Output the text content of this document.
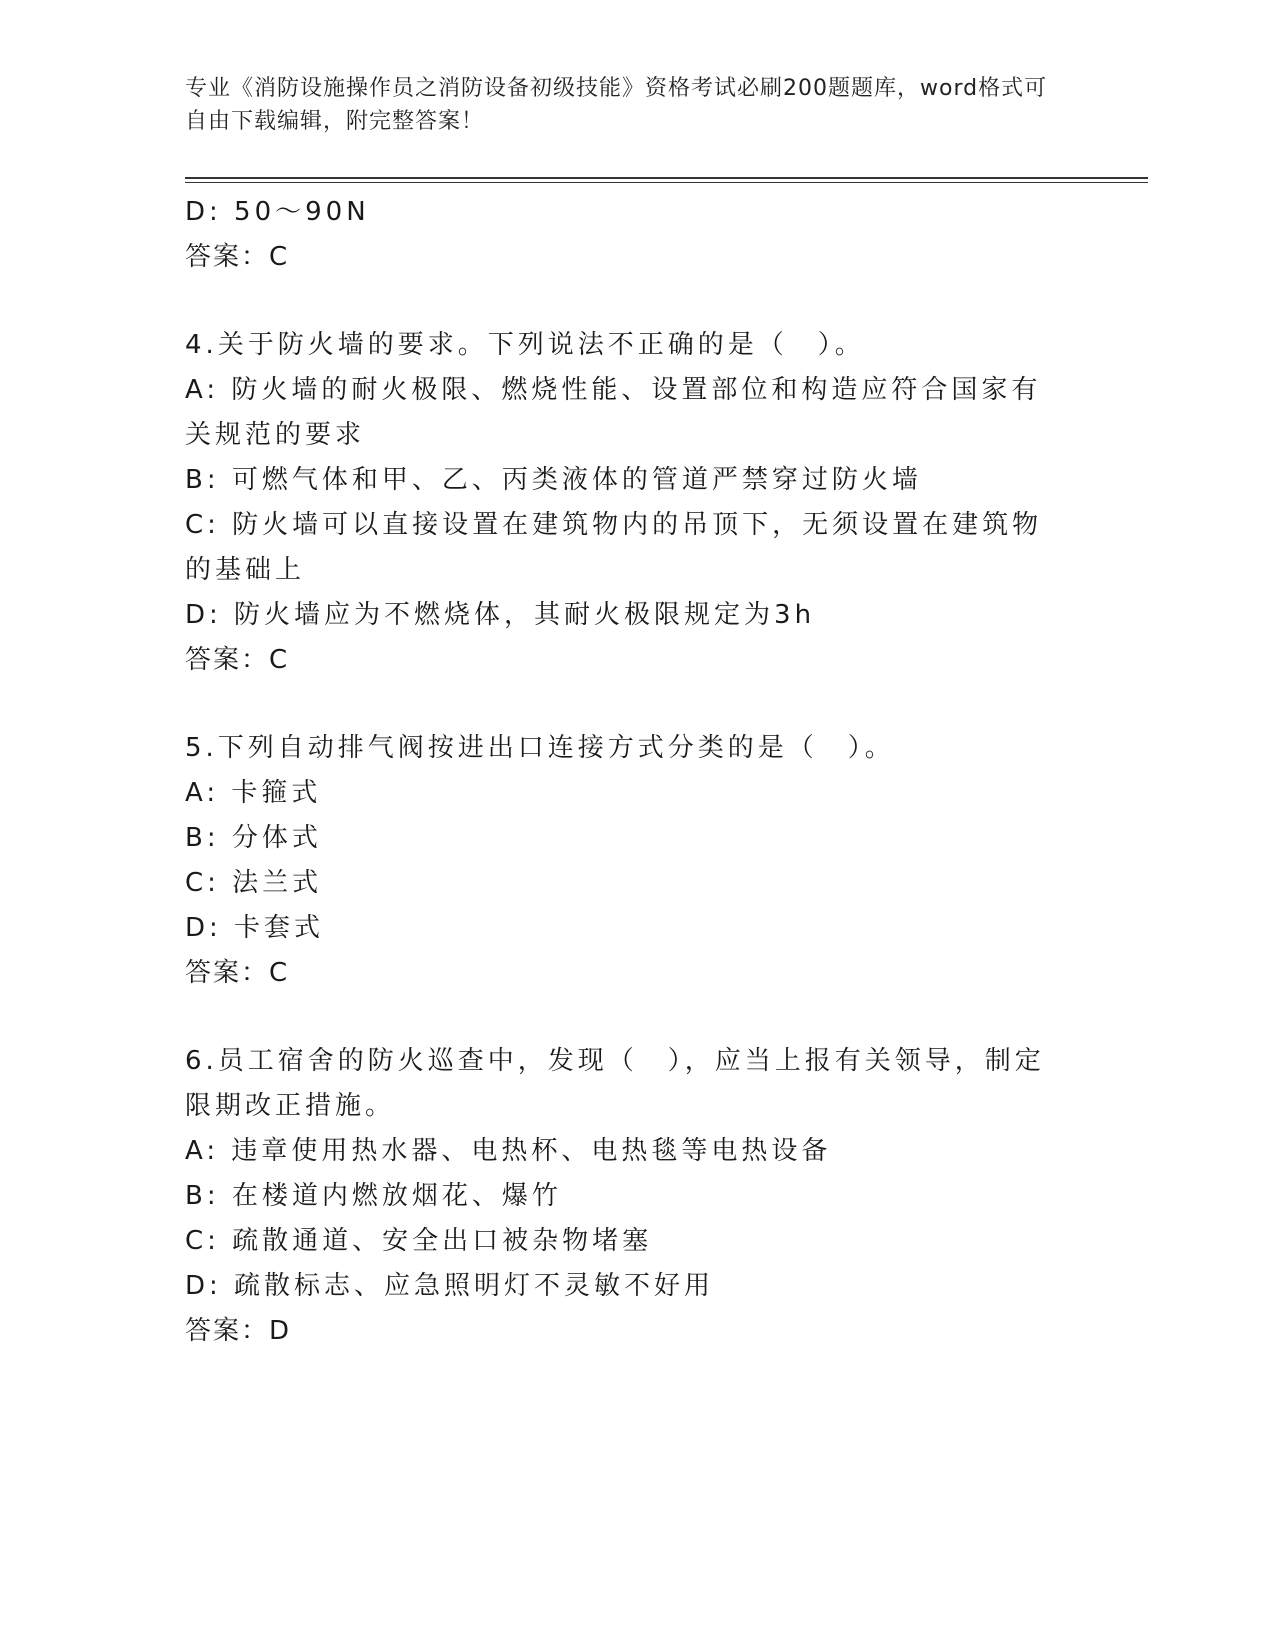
专业《消防设施操作员之消防设备初级技能》资格考试必刷200题题库，word格式可自由下载编辑，附完整答案！

D: 50～90N

答案：C

4.关于防火墙的要求。下列说法不正确的是（　）。

A: 防火墙的耐火极限、燃烧性能、设置部位和构造应符合国家有关规范的要求

B: 可燃气体和甲、乙、丙类液体的管道严禁穿过防火墙

C: 防火墙可以直接设置在建筑物内的吊顶下，无须设置在建筑物的基础上

D: 防火墙应为不燃烧体，其耐火极限规定为3h

答案：C

5.下列自动排气阀按进出口连接方式分类的是（　）。

A: 卡箍式

B: 分体式

C: 法兰式

D: 卡套式

答案：C

6.员工宿舍的防火巡查中，发现（　），应当上报有关领导，制定限期改正措施。

A: 违章使用热水器、电热杯、电热毯等电热设备

B: 在楼道内燃放烟花、爆竹

C: 疏散通道、安全出口被杂物堵塞

D: 疏散标志、应急照明灯不灵敏不好用

答案：D
